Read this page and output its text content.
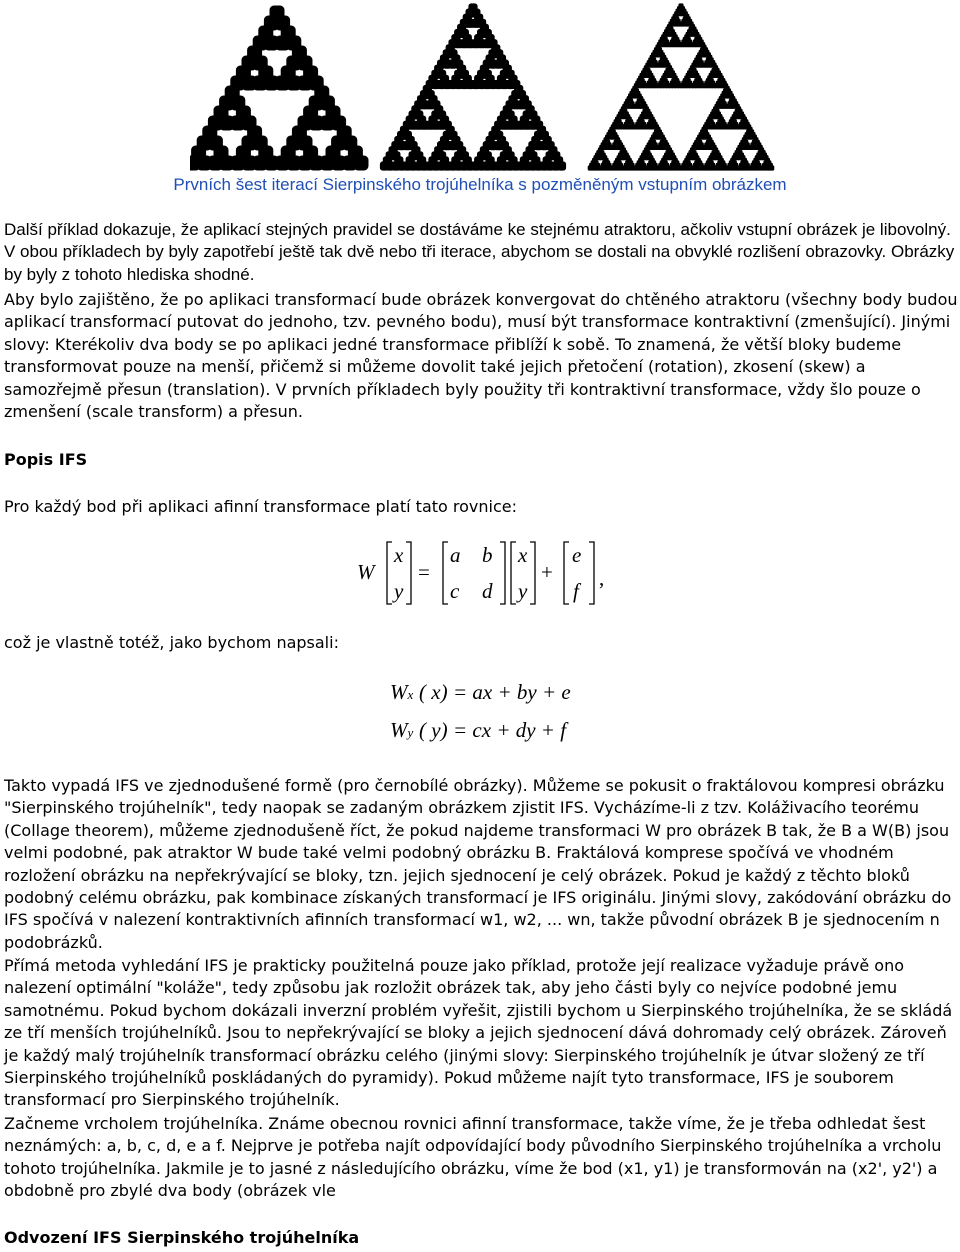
Prvních šest iterací Sierpinského trojúhelníka s pozměněným vstupním obrázkem

Další příklad dokazuje, že aplikací stejných pravidel se dostáváme ke stejnému atraktoru, ačkoliv vstupní obrázek je libovolný. V obou příkladech by byly zapotřebí ještě tak dvě nebo tři iterace, abychom se dostali na obvyklé rozlišení obrazovky. Obrázky by byly z tohoto hlediska shodné.

Aby bylo zajištěno, že po aplikaci transformací bude obrázek konvergovat do chtěného atraktoru (všechny body budou aplikací transformací putovat do jednoho, tzv. pevného bodu), musí být transformace kontraktivní (zmenšující). Jinými slovy: Kterékoliv dva body se po aplikaci jedné transformace přiblíží k sobě. To znamená, že větší bloky budeme transformovat pouze na menší, přičemž si můžeme dovolit také jejich přetočení (rotation), zkosení (skew) a samozřejmě přesun (translation). V prvních příkladech byly použity tři kontraktivní transformace, vždy šlo pouze o zmenšení (scale transform) a přesun.

Popis IFS

Pro každý bod při aplikaci afinní transformace platí tato rovnice:

W
x
y
=
a b
c d
x
y
+
e
f
,

což je vlastně totéž, jako bychom napsali:

Wx ( x) = ax + by + e
Wy ( y) = cx + dy + f

Takto vypadá IFS ve zjednodušené formě (pro černobílé obrázky). Můžeme se pokusit o fraktálovou kompresi obrázku "Sierpinského trojúhelník", tedy naopak se zadaným obrázkem zjistit IFS. Vycházíme-li z tzv. Koláživacího teorému (Collage theorem), můžeme zjednodušeně říct, že pokud najdeme transformaci W pro obrázek B tak, že B a W(B) jsou velmi podobné, pak atraktor W bude také velmi podobný obrázku B. Fraktálová komprese spočívá ve vhodném rozložení obrázku na nepřekrývající se bloky, tzn. jejich sjednocení je celý obrázek. Pokud je každý z těchto bloků podobný celému obrázku, pak kombinace získaných transformací je IFS originálu. Jinými slovy, zakódování obrázku do IFS spočívá v nalezení kontraktivních afinních transformací w1, w2, ... wn, takže původní obrázek B je sjednocením n podobrázků.

Přímá metoda vyhledání IFS je prakticky použitelná pouze jako příklad, protože její realizace vyžaduje právě ono nalezení optimální "koláže", tedy způsobu jak rozložit obrázek tak, aby jeho části byly co nejvíce podobné jemu samotnému. Pokud bychom dokázali inverzní problém vyřešit, zjistili bychom u Sierpinského trojúhelníka, že se skládá ze tří menších trojúhelníků. Jsou to nepřekrývající se bloky a jejich sjednocení dává dohromady celý obrázek. Zároveň je každý malý trojúhelník transformací obrázku celého (jinými slovy: Sierpinského trojúhelník je útvar složený ze tří Sierpinského trojúhelníků poskládaných do pyramidy). Pokud můžeme najít tyto transformace, IFS je souborem transformací pro Sierpinského trojúhelník.

Začneme vrcholem trojúhelníka. Známe obecnou rovnici afinní transformace, takže víme, že je třeba odhledat šest neznámých: a, b, c, d, e a f. Nejprve je potřeba najít odpovídající body původního Sierpinského trojúhelníka a vrcholu tohoto trojúhelníka. Jakmile je to jasné z následujícího obrázku, víme že bod (x1, y1) je transformován na (x2', y2') a obdobně pro zbylé dva body (obrázek vle

Odvození IFS Sierpinského trojúhelníka
